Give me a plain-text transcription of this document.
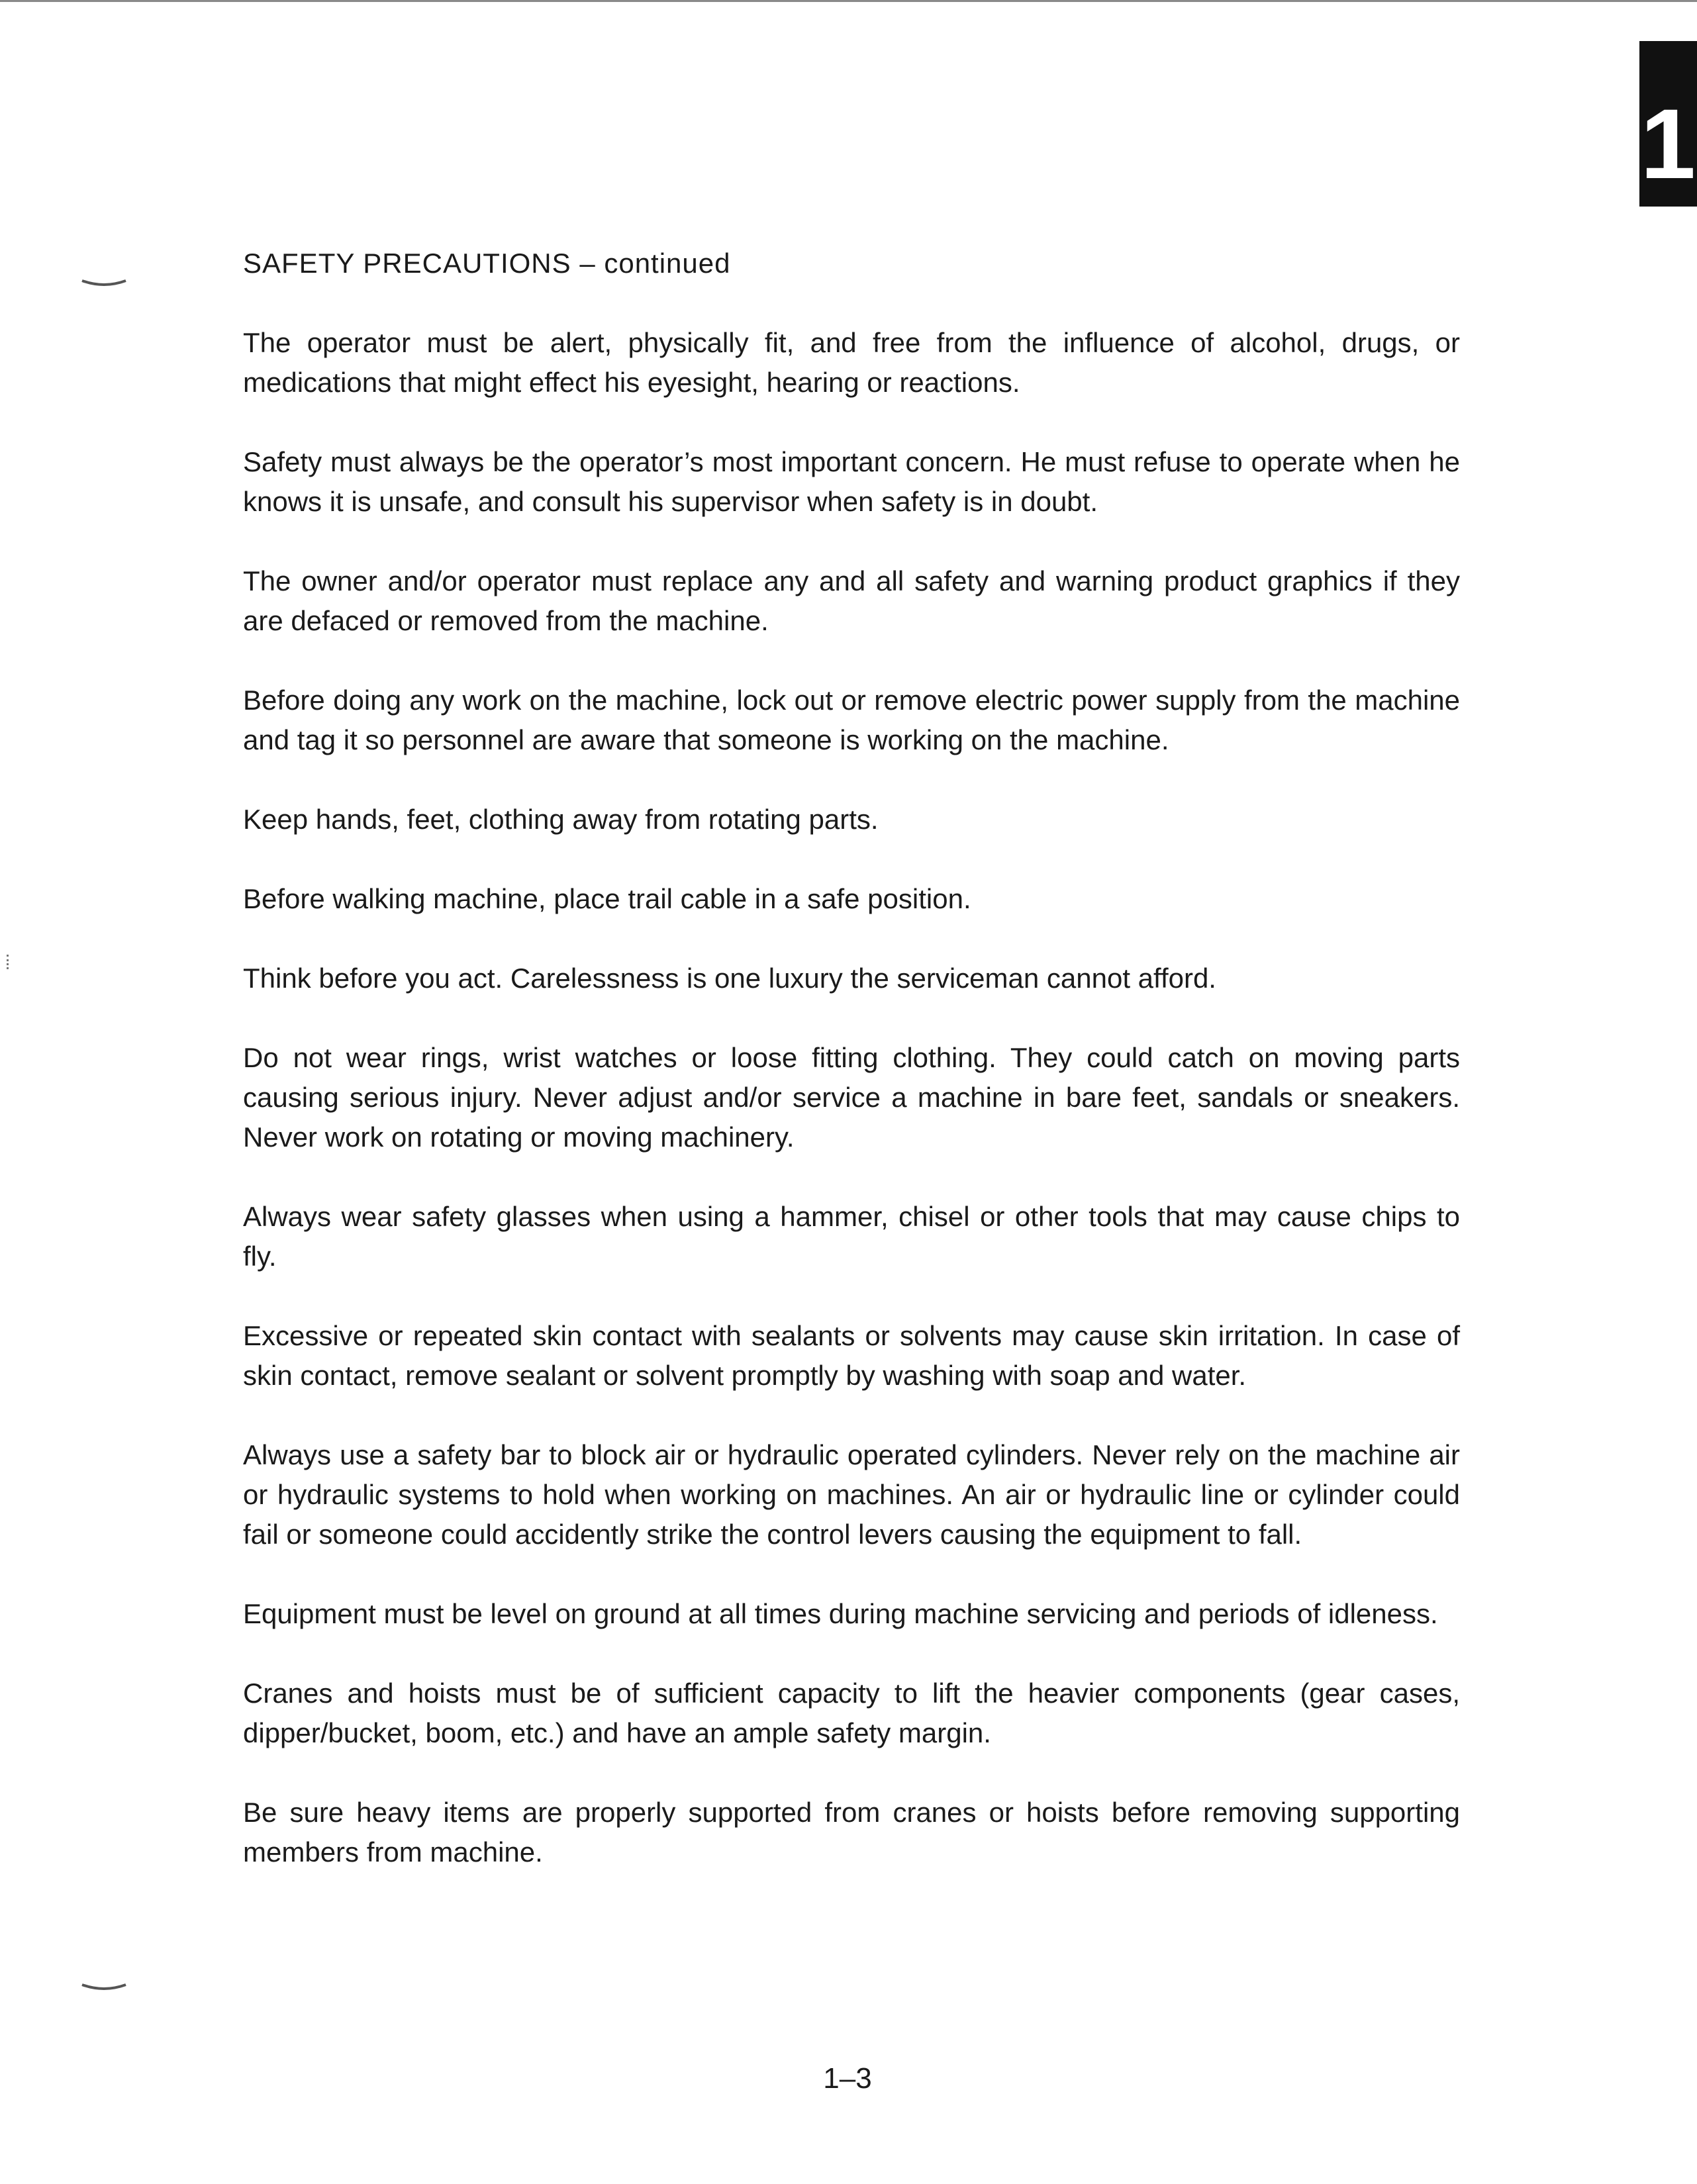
1
SAFETY PRECAUTIONS – continued

The operator must be alert, physically fit, and free from the influence of alcohol, drugs, or medications that might effect his eyesight, hearing or reactions.

Safety must always be the operator’s most important concern. He must refuse to operate when he knows it is unsafe, and consult his supervisor when safety is in doubt.

The owner and/or operator must replace any and all safety and warning product graphics if they are defaced or removed from the machine.

Before doing any work on the machine, lock out or remove electric power supply from the machine and tag it so personnel are aware that someone is working on the machine.

Keep hands, feet, clothing away from rotating parts.

Before walking machine, place trail cable in a safe position.

Think before you act. Carelessness is one luxury the serviceman cannot afford.

Do not wear rings, wrist watches or loose fitting clothing. They could catch on moving parts causing serious injury. Never adjust and/or service a machine in bare feet, sandals or sneakers. Never work on rotating or moving machinery.

Always wear safety glasses when using a hammer, chisel or other tools that may cause chips to fly.

Excessive or repeated skin contact with sealants or solvents may cause skin irritation. In case of skin contact, remove sealant or solvent promptly by washing with soap and water.

Always use a safety bar to block air or hydraulic operated cylinders. Never rely on the machine air or hydraulic systems to hold when working on machines. An air or hydraulic line or cylinder could fail or someone could accidently strike the control levers causing the equipment to fall.

Equipment must be level on ground at all times during machine servicing and periods of idleness.

Cranes and hoists must be of sufficient capacity to lift the heavier components (gear cases, dipper/bucket, boom, etc.) and have an ample safety margin.

Be sure heavy items are properly supported from cranes or hoists before removing supporting members from machine.

1–3
